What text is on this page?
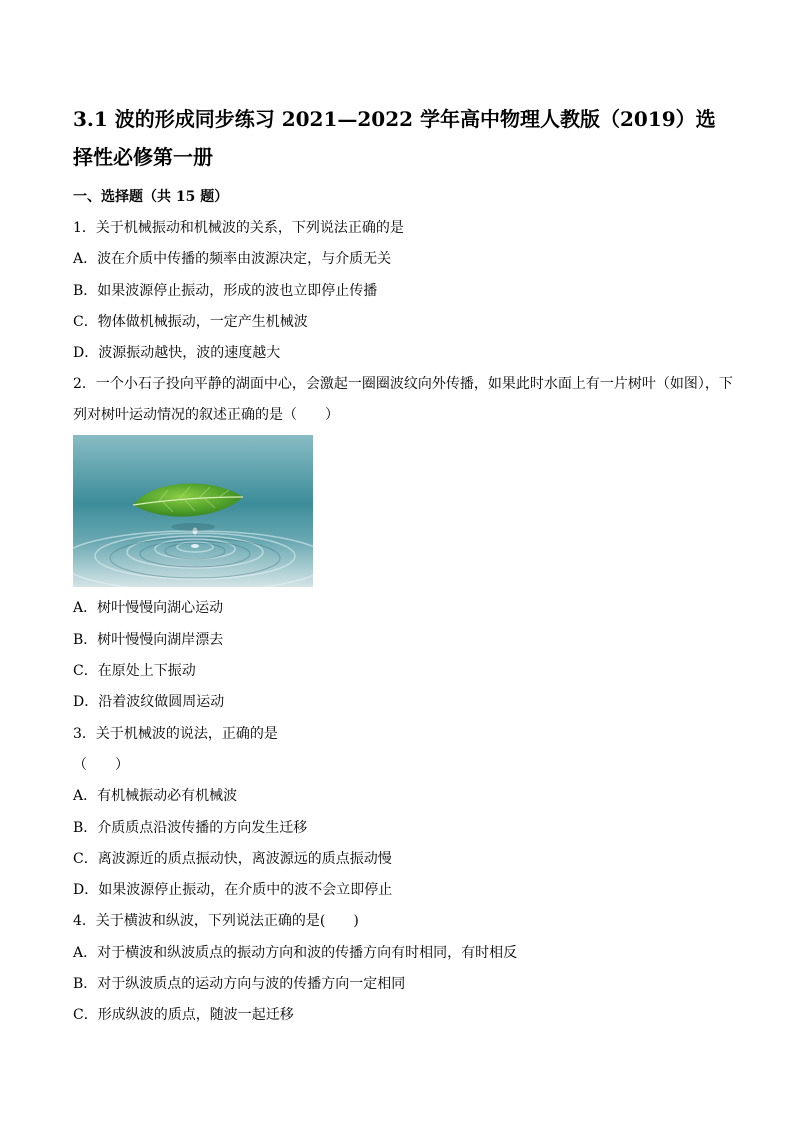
3.1 波的形成同步练习 2021—2022 学年高中物理人教版（2019）选择性必修第一册
一、选择题（共 15 题）
1．关于机械振动和机械波的关系，下列说法正确的是
A．波在介质中传播的频率由波源决定，与介质无关
B．如果波源停止振动，形成的波也立即停止传播
C．物体做机械振动，一定产生机械波
D．波源振动越快，波的速度越大
2．一个小石子投向平静的湖面中心，会激起一圈圈波纹向外传播，如果此时水面上有一片树叶（如图），下列对树叶运动情况的叙述正确的是（　　）
A．树叶慢慢向湖心运动
B．树叶慢慢向湖岸漂去
C．在原处上下振动
D．沿着波纹做圆周运动
3．关于机械波的说法，正确的是
（　　）
A．有机械振动必有机械波
B．介质质点沿波传播的方向发生迁移
C．离波源近的质点振动快，离波源远的质点振动慢
D．如果波源停止振动，在介质中的波不会立即停止
4．关于横波和纵波，下列说法正确的是(　　)
A．对于横波和纵波质点的振动方向和波的传播方向有时相同，有时相反
B．对于纵波质点的运动方向与波的传播方向一定相同
C．形成纵波的质点，随波一起迁移
